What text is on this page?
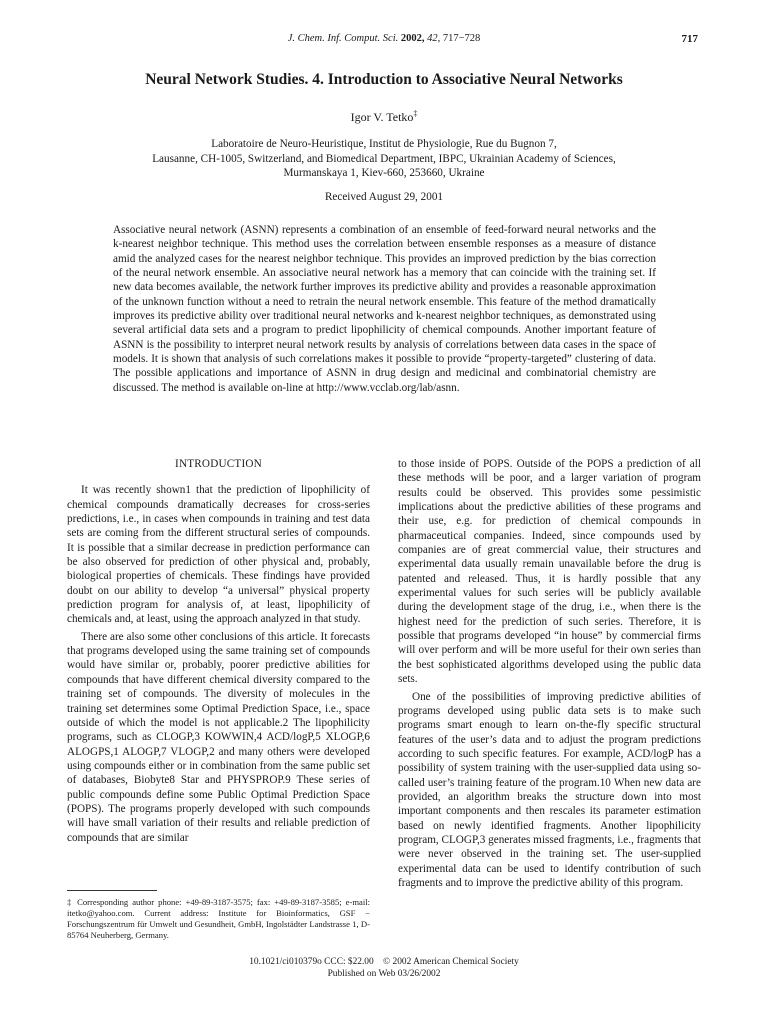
J. Chem. Inf. Comput. Sci. 2002, 42, 717−728	717
Neural Network Studies. 4. Introduction to Associative Neural Networks
Igor V. Tetko‡
Laboratoire de Neuro-Heuristique, Institut de Physiologie, Rue du Bugnon 7,
Lausanne, CH-1005, Switzerland, and Biomedical Department, IBPC, Ukrainian Academy of Sciences,
Murmanskaya 1, Kiev-660, 253660, Ukraine
Received August 29, 2001

Associative neural network (ASNN) represents a combination of an ensemble of feed-forward neural networks and the k-nearest neighbor technique. This method uses the correlation between ensemble responses as a measure of distance amid the analyzed cases for the nearest neighbor technique. This provides an improved prediction by the bias correction of the neural network ensemble. An associative neural network has a memory that can coincide with the training set. If new data becomes available, the network further improves its predictive ability and provides a reasonable approximation of the unknown function without a need to retrain the neural network ensemble. This feature of the method dramatically improves its predictive ability over traditional neural networks and k-nearest neighbor techniques, as demonstrated using several artificial data sets and a program to predict lipophilicity of chemical compounds. Another important feature of ASNN is the possibility to interpret neural network results by analysis of correlations between data cases in the space of models. It is shown that analysis of such correlations makes it possible to provide “property-targeted” clustering of data. The possible applications and importance of ASNN in drug design and medicinal and combinatorial chemistry are discussed. The method is available on-line at http://www.vcclab.org/lab/asnn.

INTRODUCTION

It was recently shown1 that the prediction of lipophilicity of chemical compounds dramatically decreases for cross-series predictions, i.e., in cases when compounds in training and test data sets are coming from the different structural series of compounds. It is possible that a similar decrease in prediction performance can be also observed for prediction of other physical and, probably, biological properties of chemicals. These findings have provided doubt on our ability to develop “a universal” physical property prediction program for analysis of, at least, lipophilicity of chemicals and, at least, using the approach analyzed in that study.

There are also some other conclusions of this article. It forecasts that programs developed using the same training set of compounds would have similar or, probably, poorer predictive abilities for compounds that have different chemical diversity compared to the training set of compounds. The diversity of molecules in the training set determines some Optimal Prediction Space, i.e., space outside of which the model is not applicable.2 The lipophilicity programs, such as CLOGP,3 KOWWIN,4 ACD/logP,5 XLOGP,6 ALOGPS,1 ALOGP,7 VLOGP,2 and many others were developed using compounds either or in combination from the same public set of databases, Biobyte8 Star and PHYSPROP.9 These series of public compounds define some Public Optimal Prediction Space (POPS). The programs properly developed with such compounds will have small variation of their results and reliable prediction of compounds that are similar

to those inside of POPS. Outside of the POPS a prediction of all these methods will be poor, and a larger variation of program results could be observed. This provides some pessimistic implications about the predictive abilities of these programs and their use, e.g. for prediction of chemical compounds in pharmaceutical companies. Indeed, since compounds used by companies are of great commercial value, their structures and experimental data usually remain unavailable before the drug is patented and released. Thus, it is hardly possible that any experimental values for such series will be publicly available during the development stage of the drug, i.e., when there is the highest need for the prediction of such series. Therefore, it is possible that programs developed “in house” by commercial firms will over perform and will be more useful for their own series than the best sophisticated algorithms developed using the public data sets.

One of the possibilities of improving predictive abilities of programs developed using public data sets is to make such programs smart enough to learn on-the-fly specific structural features of the user’s data and to adjust the program predictions according to such specific features. For example, ACD/logP has a possibility of system training with the user-supplied data using so-called user’s training feature of the program.10 When new data are provided, an algorithm breaks the structure down into most important components and then rescales its parameter estimation based on newly identified fragments. Another lipophilicity program, CLOGP,3 generates missed fragments, i.e., fragments that were never observed in the training set. The user-supplied experimental data can be used to identify contribution of such fragments and to improve the predictive ability of this program.

‡ Corresponding author phone: +49-89-3187-3575; fax: +49-89-3187-3585; e-mail: itetko@yahoo.com. Current address: Institute for Bioinformatics, GSF − Forschungszentrum für Umwelt und Gesundheit, GmbH, Ingolstädter Landstrasse 1, D-85764 Neuherberg, Germany.
10.1021/ci010379o CCC: $22.00    © 2002 American Chemical Society
Published on Web 03/26/2002
